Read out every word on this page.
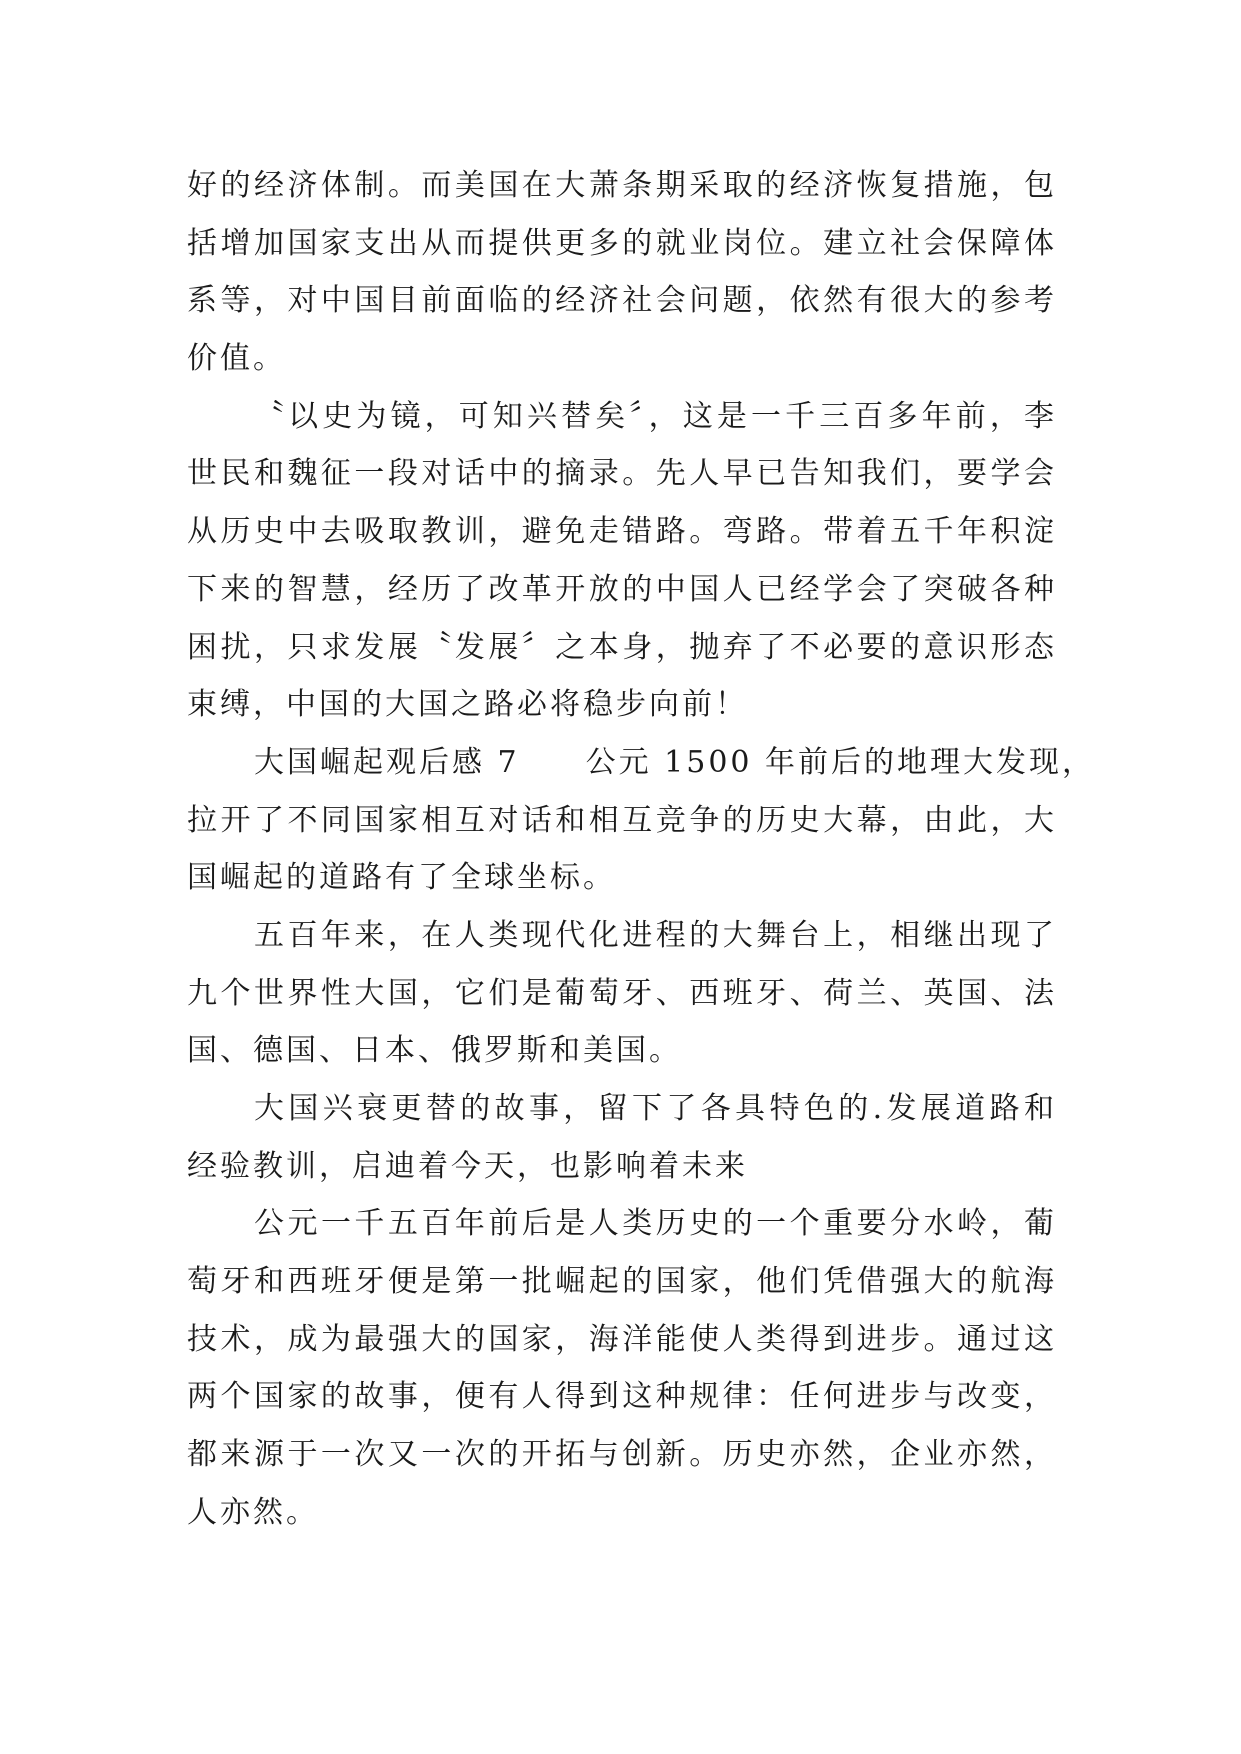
好的经济体制。而美国在大萧条期采取的经济恢复措施，包
括增加国家支出从而提供更多的就业岗位。建立社会保障体
系等，对中国目前面临的经济社会问题，依然有很大的参考
价值。
〝以史为镜，可知兴替矣〞，这是一千三百多年前，李
世民和魏征一段对话中的摘录。先人早已告知我们，要学会
从历史中去吸取教训，避免走错路。弯路。带着五千年积淀
下来的智慧，经历了改革开放的中国人已经学会了突破各种
困扰，只求发展〝发展〞之本身，抛弃了不必要的意识形态
束缚，中国的大国之路必将稳步向前！
大国崛起观后感 7　　公元 1500 年前后的地理大发现，
拉开了不同国家相互对话和相互竞争的历史大幕，由此，大
国崛起的道路有了全球坐标。
五百年来，在人类现代化进程的大舞台上，相继出现了
九个世界性大国，它们是葡萄牙、西班牙、荷兰、英国、法
国、德国、日本、俄罗斯和美国。
大国兴衰更替的故事，留下了各具特色的.发展道路和
经验教训，启迪着今天，也影响着未来
公元一千五百年前后是人类历史的一个重要分水岭，葡
萄牙和西班牙便是第一批崛起的国家，他们凭借强大的航海
技术，成为最强大的国家，海洋能使人类得到进步。通过这
两个国家的故事，便有人得到这种规律：任何进步与改变，
都来源于一次又一次的开拓与创新。历史亦然，企业亦然，
人亦然。
